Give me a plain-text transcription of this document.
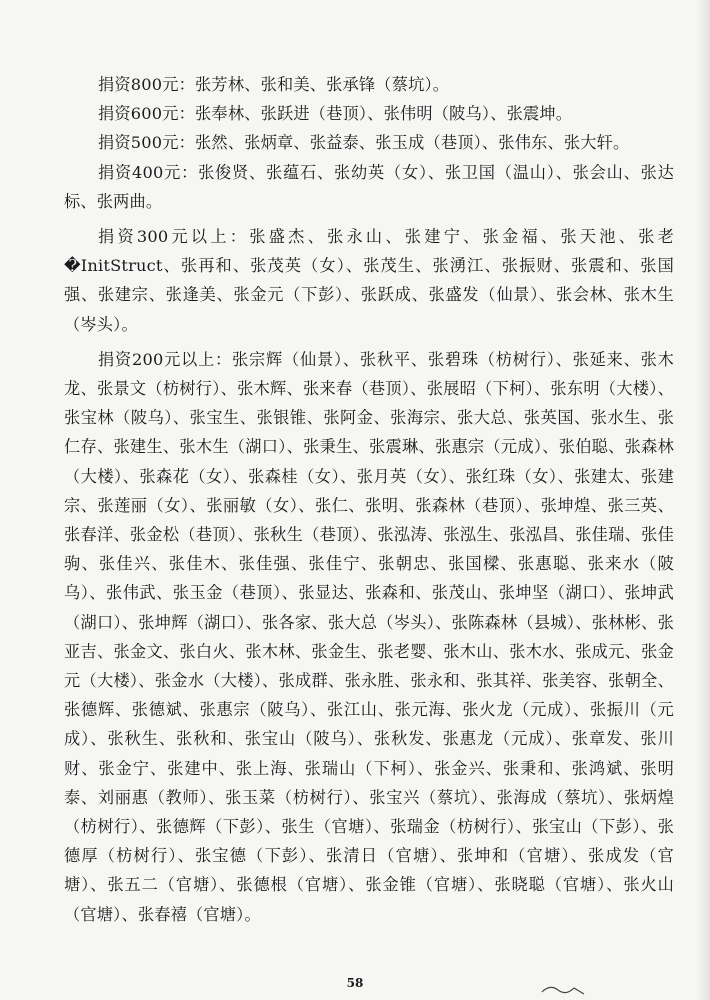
捐资800元：张芳林、张和美、张承锋（蔡坑）。

捐资600元：张奉林、张跃进（巷顶）、张伟明（陂乌）、张震坤。

捐资500元：张然、张炳章、张益泰、张玉成（巷顶）、张伟东、张大轩。

捐资400元：张俊贤、张蕴石、张幼英（女）、张卫国（温山）、张会山、张达标、张两曲。

捐资300元以上：张盛杰、张永山、张建宁、张金福、张天池、张老�InitStruct、张再和、张茂英（女）、张茂生、张湧江、张振财、张震和、张国强、张建宗、张逢美、张金元（下彭）、张跃成、张盛发（仙景）、张会林、张木生（岑头）。

捐资200元以上：张宗辉（仙景）、张秋平、张碧珠（枋树行）、张延来、张木龙、张景文（枋树行）、张木辉、张来春（巷顶）、张展昭（下柯）、张东明（大楼）、张宝林（陂乌）、张宝生、张银锥、张阿金、张海宗、张大总、张英国、张水生、张仁存、张建生、张木生（湖口）、张秉生、张震琳、张惠宗（元成）、张伯聪、张森林（大楼）、张森花（女）、张森桂（女）、张月英（女）、张红珠（女）、张建太、张建宗、张莲丽（女）、张丽敏（女）、张仁、张明、张森林（巷顶）、张坤煌、张三英、张春洋、张金松（巷顶）、张秋生（巷顶）、张泓涛、张泓生、张泓昌、张佳瑞、张佳驹、张佳兴、张佳木、张佳强、张佳宁、张朝忠、张国樑、张惠聪、张来水（陂乌）、张伟武、张玉金（巷顶）、张显达、张森和、张茂山、张坤坚（湖口）、张坤武（湖口）、张坤辉（湖口）、张各家、张大总（岑头）、张陈森林（县城）、张林彬、张亚吉、张金文、张白火、张木林、张金生、张老婴、张木山、张木水、张成元、张金元（大楼）、张金水（大楼）、张成群、张永胜、张永和、张其祥、张美容、张朝全、张德辉、张德斌、张惠宗（陂乌）、张江山、张元海、张火龙（元成）、张振川（元成）、张秋生、张秋和、张宝山（陂乌）、张秋发、张惠龙（元成）、张章发、张川财、张金宁、张建中、张上海、张瑞山（下柯）、张金兴、张秉和、张鸿斌、张明泰、刘丽惠（教师）、张玉菜（枋树行）、张宝兴（蔡坑）、张海成（蔡坑）、张炳煌（枋树行）、张德辉（下彭）、张生（官塘）、张瑞金（枋树行）、张宝山（下彭）、张德厚（枋树行）、张宝德（下彭）、张清日（官塘）、张坤和（官塘）、张成发（官塘）、张五二（官塘）、张德根（官塘）、张金锥（官塘）、张晓聪（官塘）、张火山（官塘）、张春禧（官塘）。

58
